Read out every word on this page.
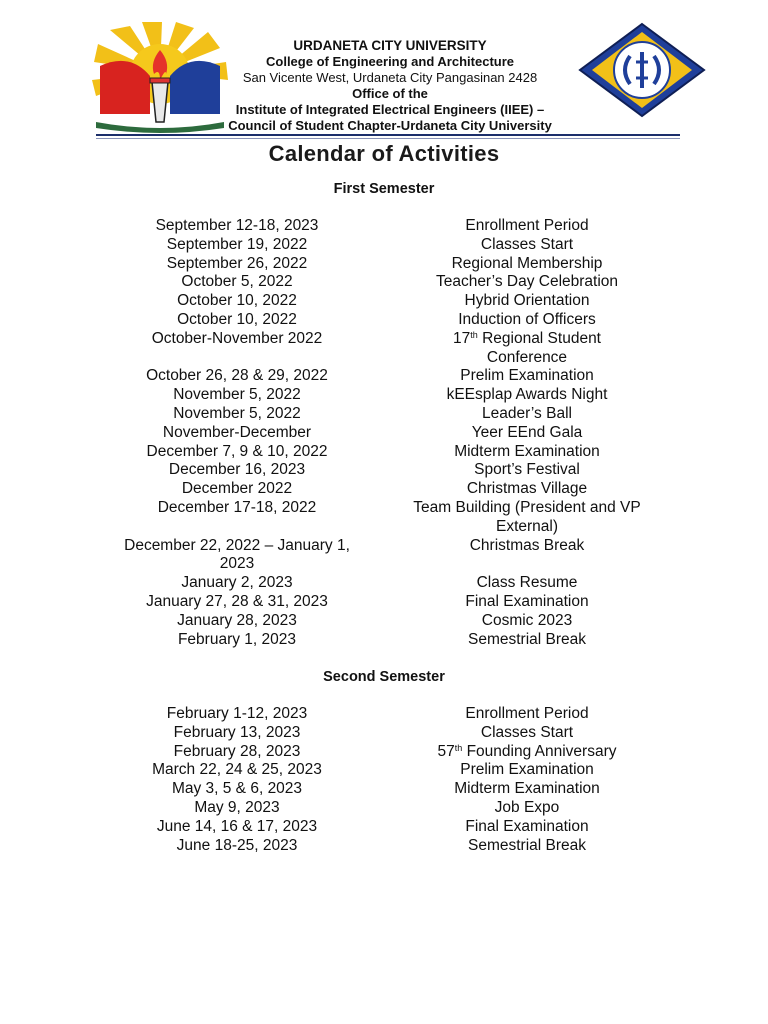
URDANETA CITY UNIVERSITY
College of Engineering and Architecture
San Vicente West, Urdaneta City Pangasinan 2428
Office of the
Institute of Integrated Electrical Engineers (IIEE) –
Council of Student Chapter-Urdaneta City University
Calendar of Activities
First Semester
September 12-18, 2023	Enrollment Period
September 19, 2022	Classes Start
September 26, 2022	Regional Membership
October 5, 2022	Teacher’s Day Celebration
October 10, 2022	Hybrid Orientation
October 10, 2022	Induction of Officers
October-November 2022	17th Regional Student

Conference
October 26, 28 & 29, 2022	Prelim Examination
November 5, 2022	kEEsplap Awards Night
November 5, 2022	Leader’s Ball
November-December	Yeer EEnd Gala
December 7, 9 & 10, 2022	Midterm Examination
December 16, 2023	Sport’s Festival
December 2022	Christmas Village
December 17-18, 2022	Team Building (President and VP

External)
December 22, 2022 – January 1,	Christmas Break
2023

January 2, 2023	Class Resume
January 27, 28 & 31, 2023	Final Examination
January 28, 2023	Cosmic 2023
February 1, 2023	Semestrial Break
Second Semester
February 1-12, 2023	Enrollment Period
February 13, 2023	Classes Start
February 28, 2023	57th Founding Anniversary
March 22, 24 & 25, 2023	Prelim Examination
May 3, 5 & 6, 2023	Midterm Examination
May 9, 2023	Job Expo
June 14, 16 & 17, 2023	Final Examination
June 18-25, 2023	Semestrial Break
